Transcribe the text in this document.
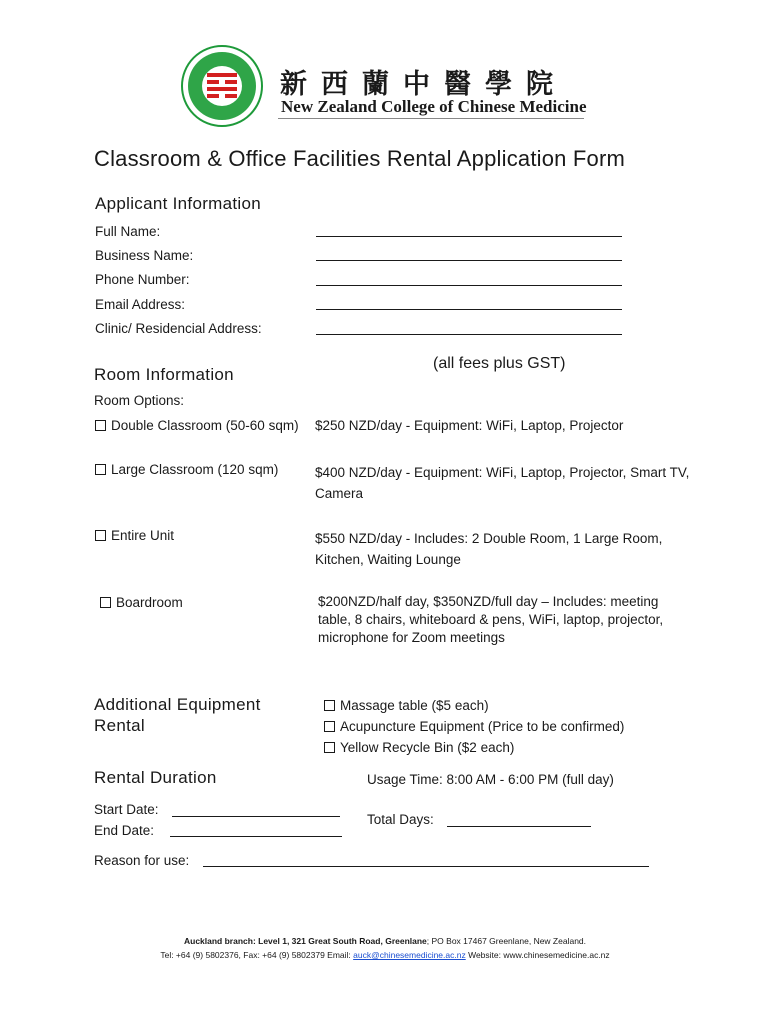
新西蘭中醫學院
New Zealand College of Chinese Medicine
Classroom & Office Facilities Rental Application Form
Applicant Information
Full Name:
Business Name:
Phone Number:
Email Address:
Clinic/ Residencial Address:
(all fees plus GST)
Room Information
Room Options:
Double Classroom (50-60 sqm) $250 NZD/day - Equipment: WiFi, Laptop, Projector
Large Classroom (120 sqm)	$400 NZD/day - Equipment: WiFi, Laptop, Projector, Smart TV, Camera
Entire Unit	$550 NZD/day - Includes: 2 Double Room, 1 Large Room, Kitchen, Waiting Lounge
Boardroom	$200NZD/half day, $350NZD/full day – Includes: meeting table, 8 chairs, whiteboard & pens, WiFi, laptop, projector, microphone for Zoom meetings
Additional Equipment Rental
Massage table ($5 each)
Acupuncture Equipment (Price to be confirmed)
Yellow Recycle Bin ($2 each)
Rental Duration	Usage Time: 8:00 AM - 6:00 PM (full day)
Start Date:
Total Days:
End Date:
Reason for use:
Auckland branch: Level 1, 321 Great South Road, Greenlane; PO Box 17467 Greenlane, New Zealand.
Tel: +64 (9) 5802376, Fax: +64 (9) 5802379 Email: auck@chinesemedicine.ac.nz Website: www.chinesemedicine.ac.nz
